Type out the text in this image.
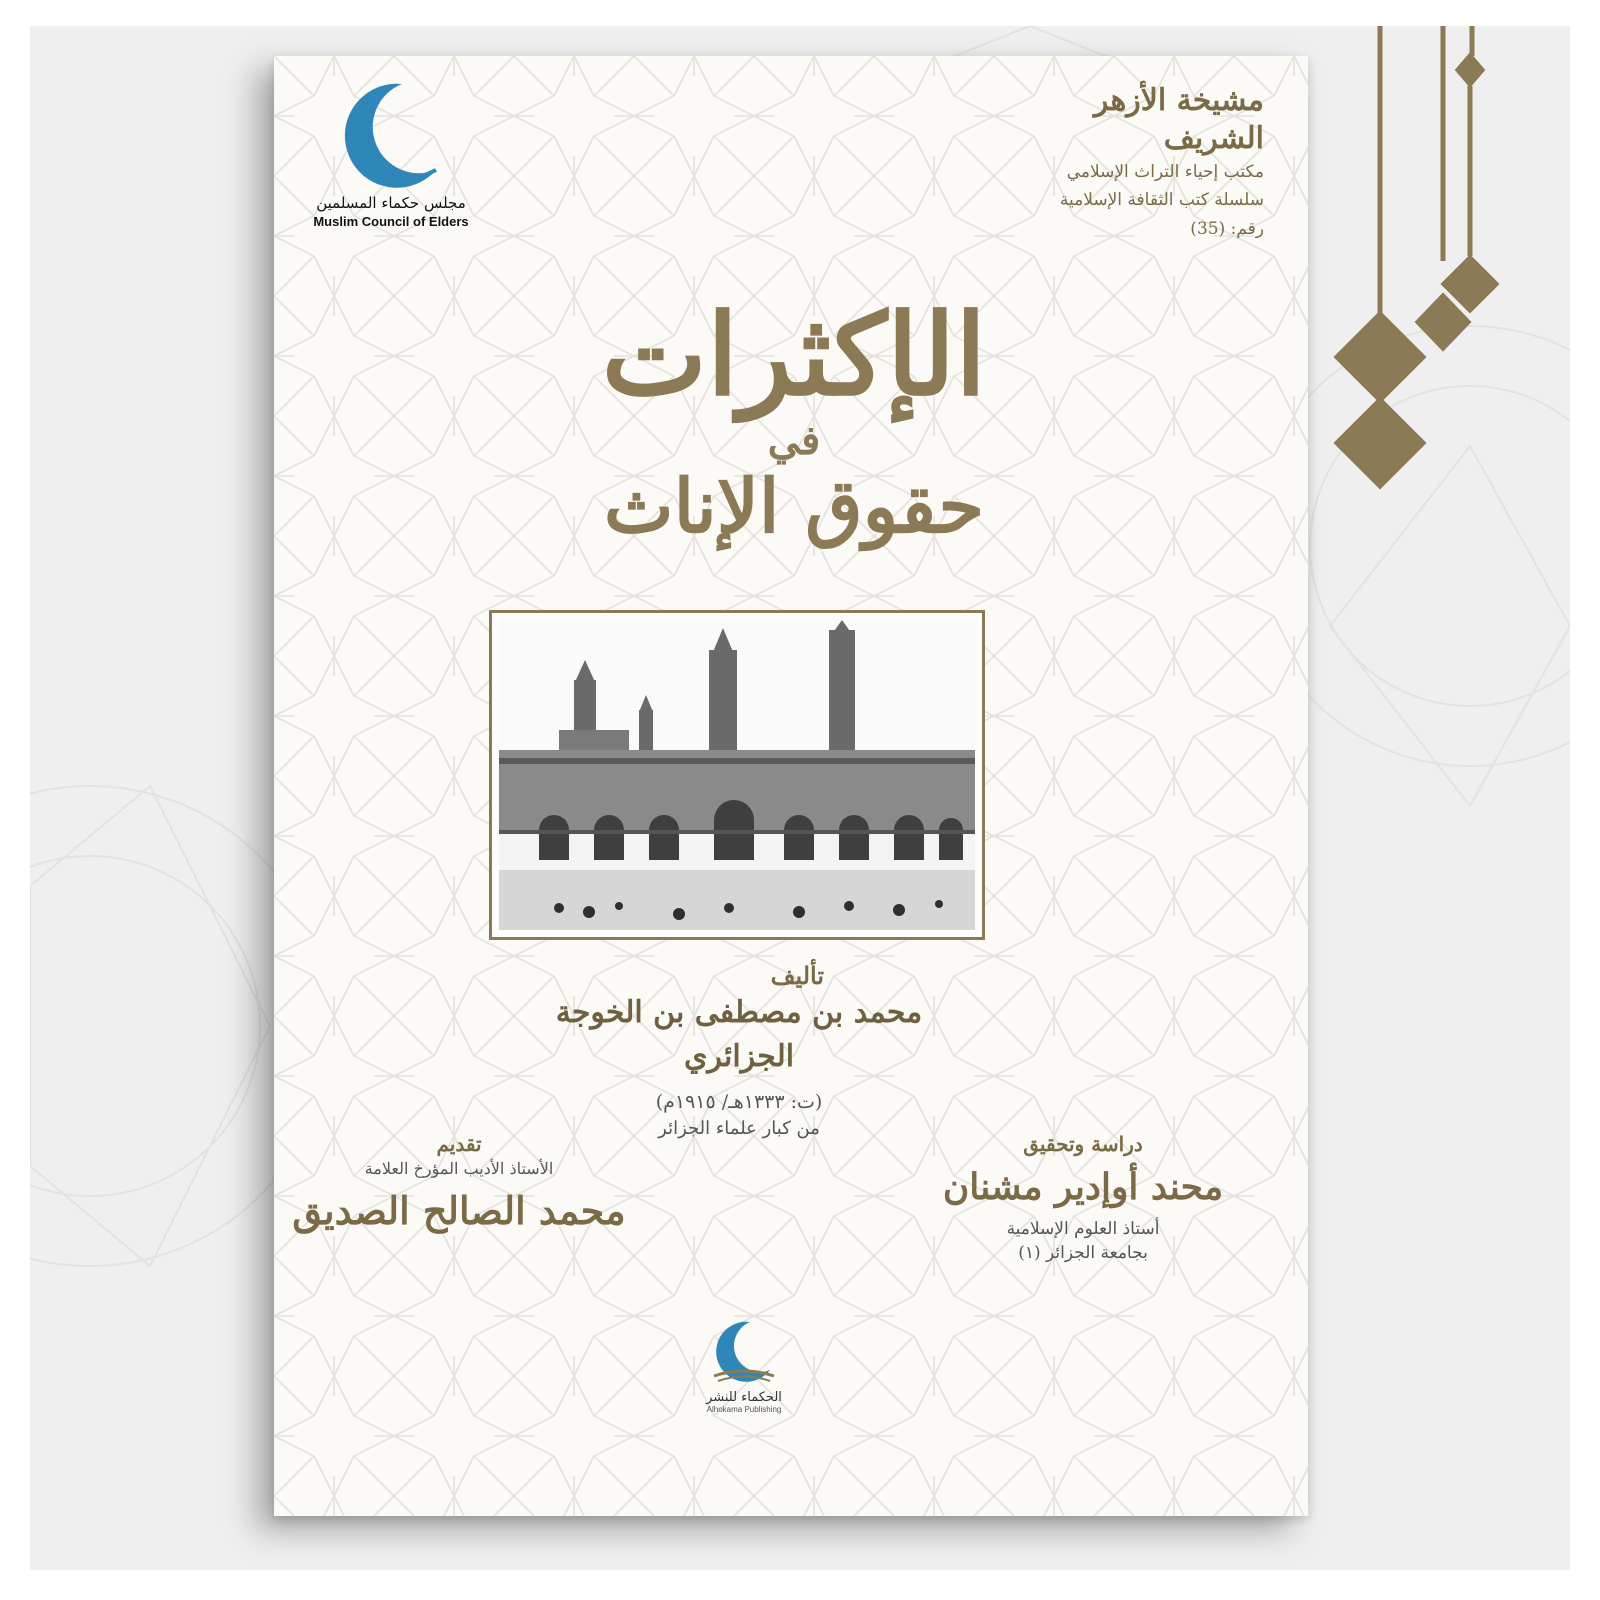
مجلس حكماء المسلمين
Muslim Council of Elders
مشيخة الأزهر الشريف
مكتب إحياء التراث الإسلامي
سلسلة كتب الثقافة الإسلامية
رقم: (35)
الإكثرات
في
حقوق الإناث
تأليف
محمد بن مصطفى بن الخوجة الجزائري
(ت: ١٣٣٣هـ/ ١٩١٥م)
من كبار علماء الجزائر
تقديم
الأستاذ الأديب المؤرخ العلامة
محمد الصالح الصديق
دراسة وتحقيق
محند أوإدير مشنان
أستاذ العلوم الإسلامية
بجامعة الجزائر (١)
الحكماء للنشر
Alhokama Publishing
